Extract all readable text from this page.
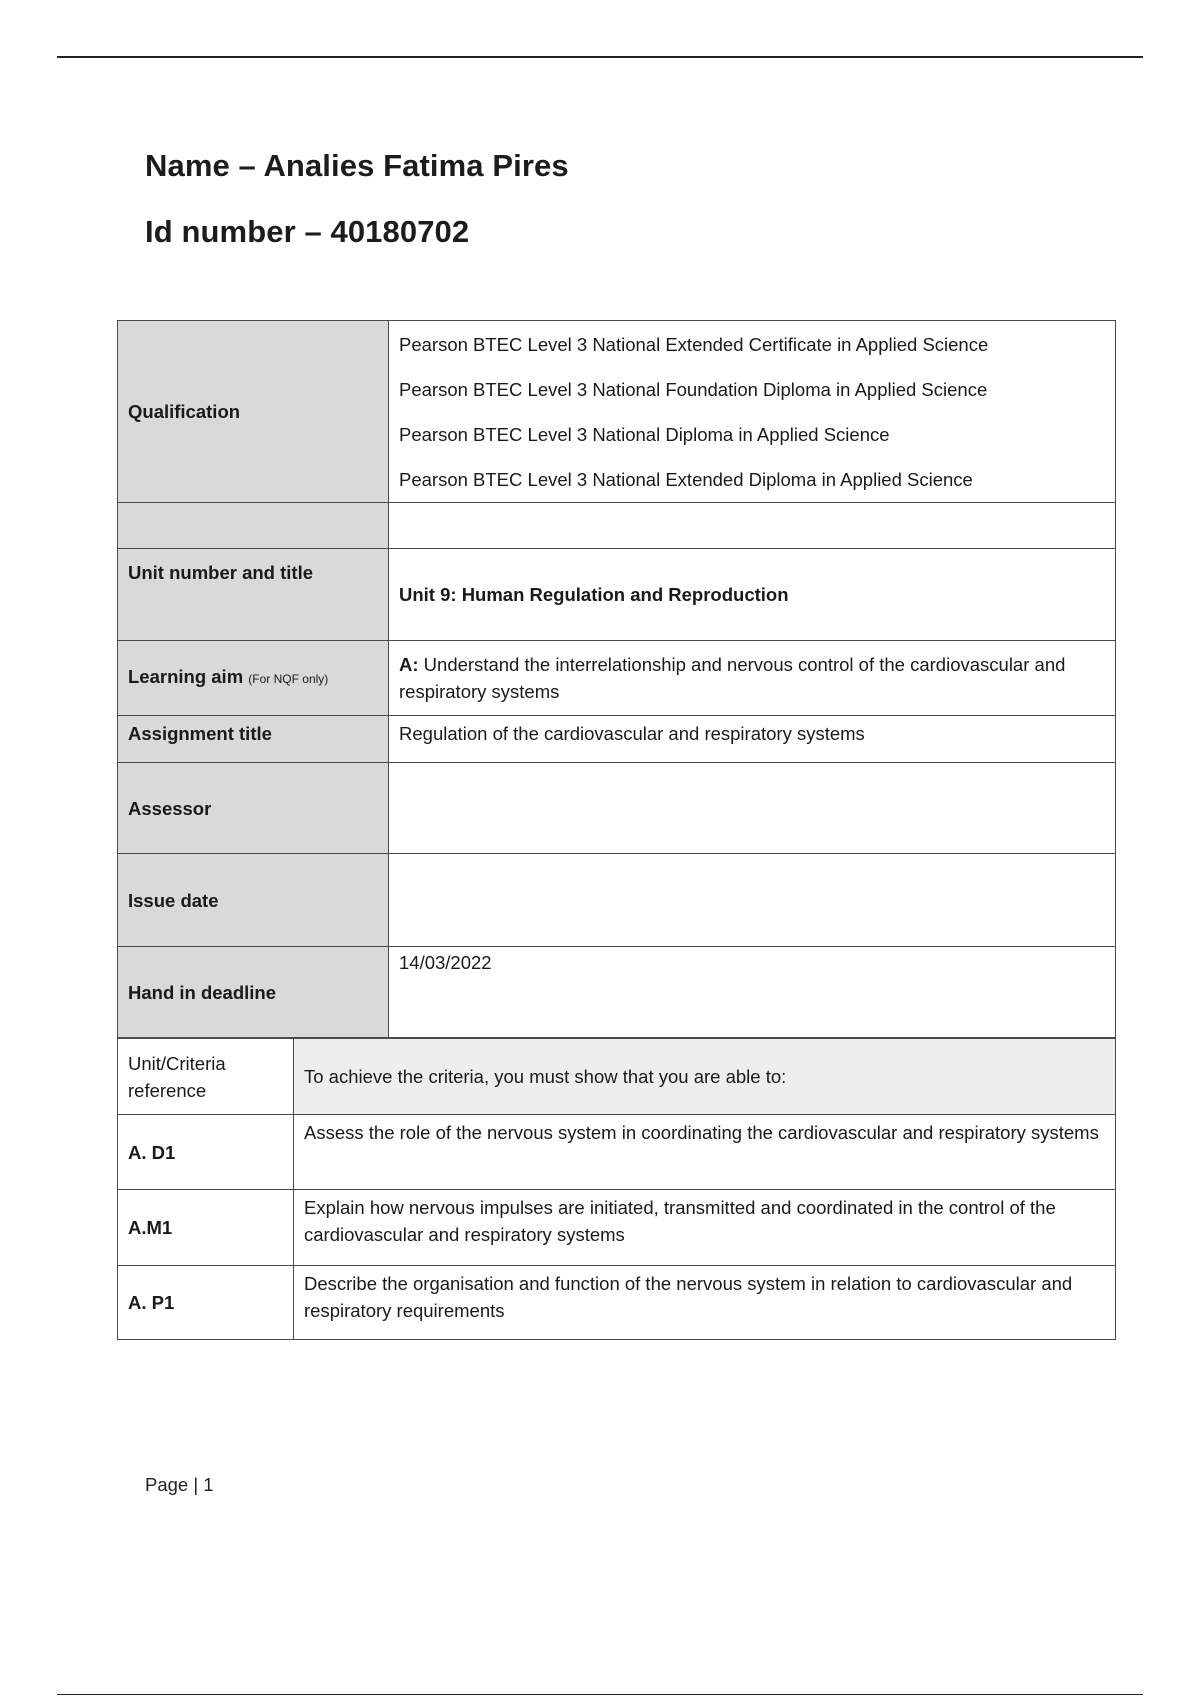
Name – Analies Fatima Pires
Id number – 40180702
Qualification	Pearson BTEC Level 3 National Extended Certificate in Applied Science
Pearson BTEC Level 3 National Foundation Diploma in Applied Science
Pearson BTEC Level 3 National Diploma in Applied Science
Pearson BTEC Level 3 National Extended Diploma in Applied Science

Unit number and title	Unit 9: Human Regulation and Reproduction
Learning aim (For NQF only)	A: Understand the interrelationship and nervous control of the cardiovascular and respiratory systems
Assignment title	Regulation of the cardiovascular and respiratory systems
Assessor	
Issue date	
Hand in deadline	14/03/2022
Unit/Criteria reference	To achieve the criteria, you must show that you are able to:
A. D1	Assess the role of the nervous system in coordinating the cardiovascular and respiratory systems
A.M1	Explain how nervous impulses are initiated, transmitted and coordinated in the control of the cardiovascular and respiratory systems
A. P1	Describe the organisation and function of the nervous system in relation to cardiovascular and respiratory requirements
Page | 1
